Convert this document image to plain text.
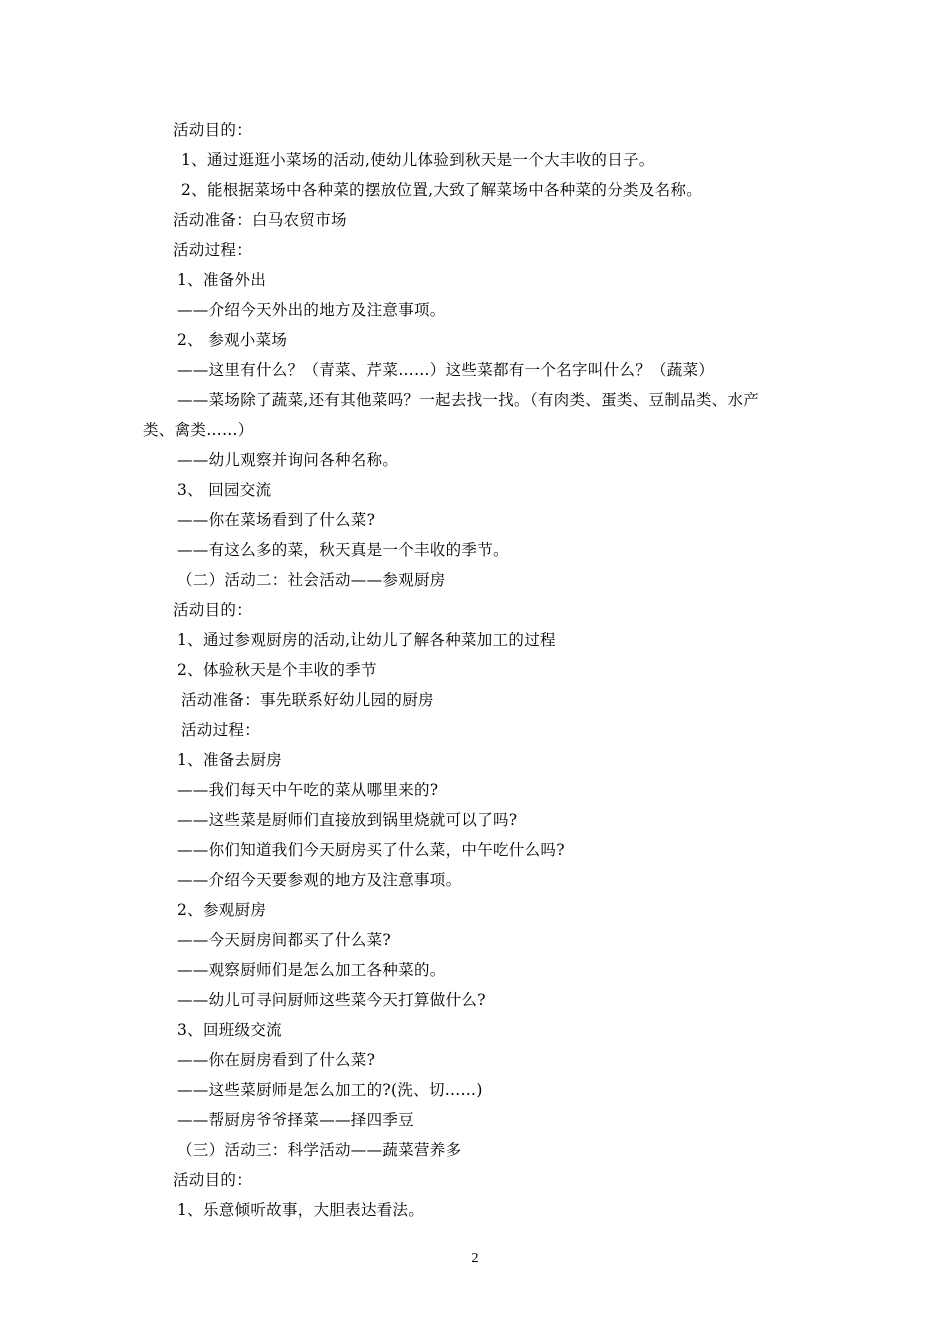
活动目的：
1、通过逛逛小菜场的活动,使幼儿体验到秋天是一个大丰收的日子。
2、能根据菜场中各种菜的摆放位置,大致了解菜场中各种菜的分类及名称。
活动准备：白马农贸市场
活动过程：
1、准备外出
——介绍今天外出的地方及注意事项。
2、 参观小菜场
——这里有什么？（青菜、芹菜……）这些菜都有一个名字叫什么？（蔬菜）
——菜场除了蔬菜,还有其他菜吗？一起去找一找。（有肉类、蛋类、豆制品类、水产
类、禽类……）
——幼儿观察并询问各种名称。
3、 回园交流
——你在菜场看到了什么菜?
——有这么多的菜，秋天真是一个丰收的季节。
（二）活动二：社会活动——参观厨房
活动目的：
1、通过参观厨房的活动,让幼儿了解各种菜加工的过程
2、体验秋天是个丰收的季节
活动准备：事先联系好幼儿园的厨房
活动过程：
1、准备去厨房
——我们每天中午吃的菜从哪里来的?
——这些菜是厨师们直接放到锅里烧就可以了吗?
——你们知道我们今天厨房买了什么菜，中午吃什么吗?
——介绍今天要参观的地方及注意事项。
2、参观厨房
——今天厨房间都买了什么菜?
——观察厨师们是怎么加工各种菜的。
——幼儿可寻问厨师这些菜今天打算做什么?
3、回班级交流
——你在厨房看到了什么菜?
——这些菜厨师是怎么加工的?(洗、切……)
——帮厨房爷爷择菜——择四季豆
（三）活动三：科学活动——蔬菜营养多
活动目的：
1、乐意倾听故事，大胆表达看法。
2
